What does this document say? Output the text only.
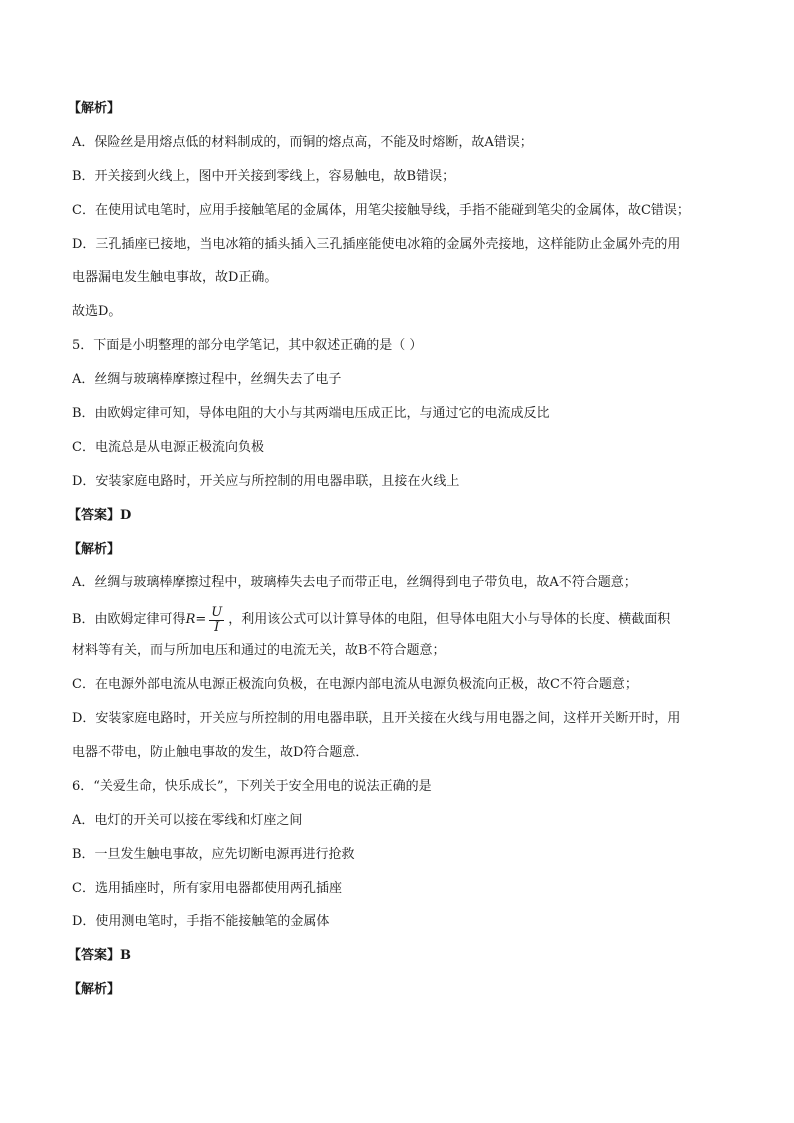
【解析】
A．保险丝是用熔点低的材料制成的，而铜的熔点高，不能及时熔断，故A错误；
B．开关接到火线上，图中开关接到零线上，容易触电，故B错误；
C．在使用试电笔时，应用手接触笔尾的金属体，用笔尖接触导线，手指不能碰到笔尖的金属体，故C错误；
D．三孔插座已接地，当电冰箱的插头插入三孔插座能使电冰箱的金属外壳接地，这样能防止金属外壳的用
电器漏电发生触电事故，故D正确。
故选D。
5．下面是小明整理的部分电学笔记，其中叙述正确的是（ ）
A．丝绸与玻璃棒摩擦过程中，丝绸失去了电子
B．由欧姆定律可知，导体电阻的大小与其两端电压成正比，与通过它的电流成反比
C．电流总是从电源正极流向负极
D．安装家庭电路时，开关应与所控制的用电器串联，且接在火线上
【答案】D
【解析】
A．丝绸与玻璃棒摩擦过程中，玻璃棒失去电子而带正电，丝绸得到电子带负电，故A不符合题意；
B．由欧姆定律可得 $R = \frac{U}{I}$ ，利用该公式可以计算导体的电阻，但导体电阻大小与导体的长度、横截面积
材料等有关，而与所加电压和通过的电流无关，故B不符合题意；
C．在电源外部电流从电源正极流向负极，在电源内部电流从电源负极流向正极，故C不符合题意；
D．安装家庭电路时，开关应与所控制的用电器串联，且开关接在火线与用电器之间，这样开关断开时，用
电器不带电，防止触电事故的发生，故D符合题意．
6．“关爱生命，快乐成长”，下列关于安全用电的说法正确的是
A．电灯的开关可以接在零线和灯座之间
B．一旦发生触电事故，应先切断电源再进行抢救
C．选用插座时，所有家用电器都使用两孔插座
D．使用测电笔时，手指不能接触笔的金属体
【答案】B
【解析】
